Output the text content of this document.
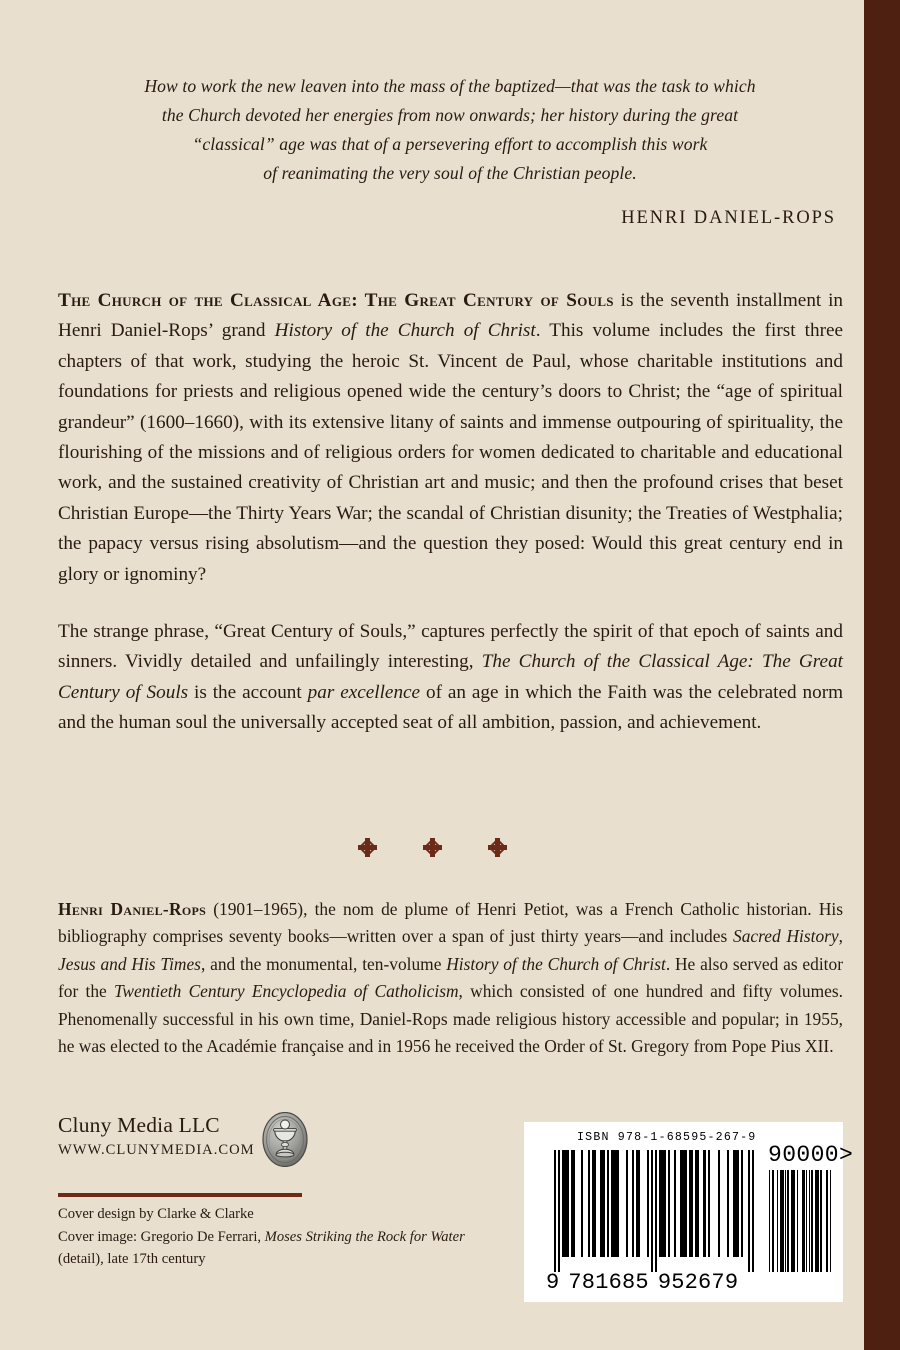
How to work the new leaven into the mass of the baptized—that was the task to which
the Church devoted her energies from now onwards; her history during the great
“classical” age was that of a persevering effort to accomplish this work
of reanimating the very soul of the Christian people.
HENRI DANIEL-ROPS

The Church of the Classical Age: The Great Century of Souls is the seventh installment in Henri Daniel-Rops’ grand History of the Church of Christ. This volume includes the first three chapters of that work, studying the heroic St. Vincent de Paul, whose charitable institutions and foundations for priests and religious opened wide the century’s doors to Christ; the “age of spiritual grandeur” (1600–1660), with its extensive litany of saints and immense outpouring of spirituality, the flourishing of the missions and of religious orders for women dedicated to charitable and educational work, and the sustained creativity of Christian art and music; and then the profound crises that beset Christian Europe—the Thirty Years War; the scandal of Christian disunity; the Treaties of Westphalia; the papacy versus rising absolutism—and the question they posed: Would this great century end in glory or ignominy?

The strange phrase, “Great Century of Souls,” captures perfectly the spirit of that epoch of saints and sinners. Vividly detailed and unfailingly interesting, The Church of the Classical Age: The Great Century of Souls is the account par excellence of an age in which the Faith was the celebrated norm and the human soul the universally accepted seat of all ambition, passion, and achievement.

Henri Daniel-Rops (1901–1965), the nom de plume of Henri Petiot, was a French Catholic historian. His bibliography comprises seventy books—written over a span of just thirty years—and includes Sacred History, Jesus and His Times, and the monumental, ten-volume History of the Church of Christ. He also served as editor for the Twentieth Century Encyclopedia of Catholicism, which consisted of one hundred and fifty volumes. Phenomenally successful in his own time, Daniel-Rops made religious history accessible and popular; in 1955, he was elected to the Académie française and in 1956 he received the Order of St. Gregory from Pope Pius XII.

Cluny Media LLC
WWW.CLUNYMEDIA.COM
Cover design by Clarke & Clarke
Cover image: Gregorio De Ferrari, Moses Striking the Rock for Water (detail), late 17th century
ISBN 978-1-68595-267-9
90000>
9 781685 952679
